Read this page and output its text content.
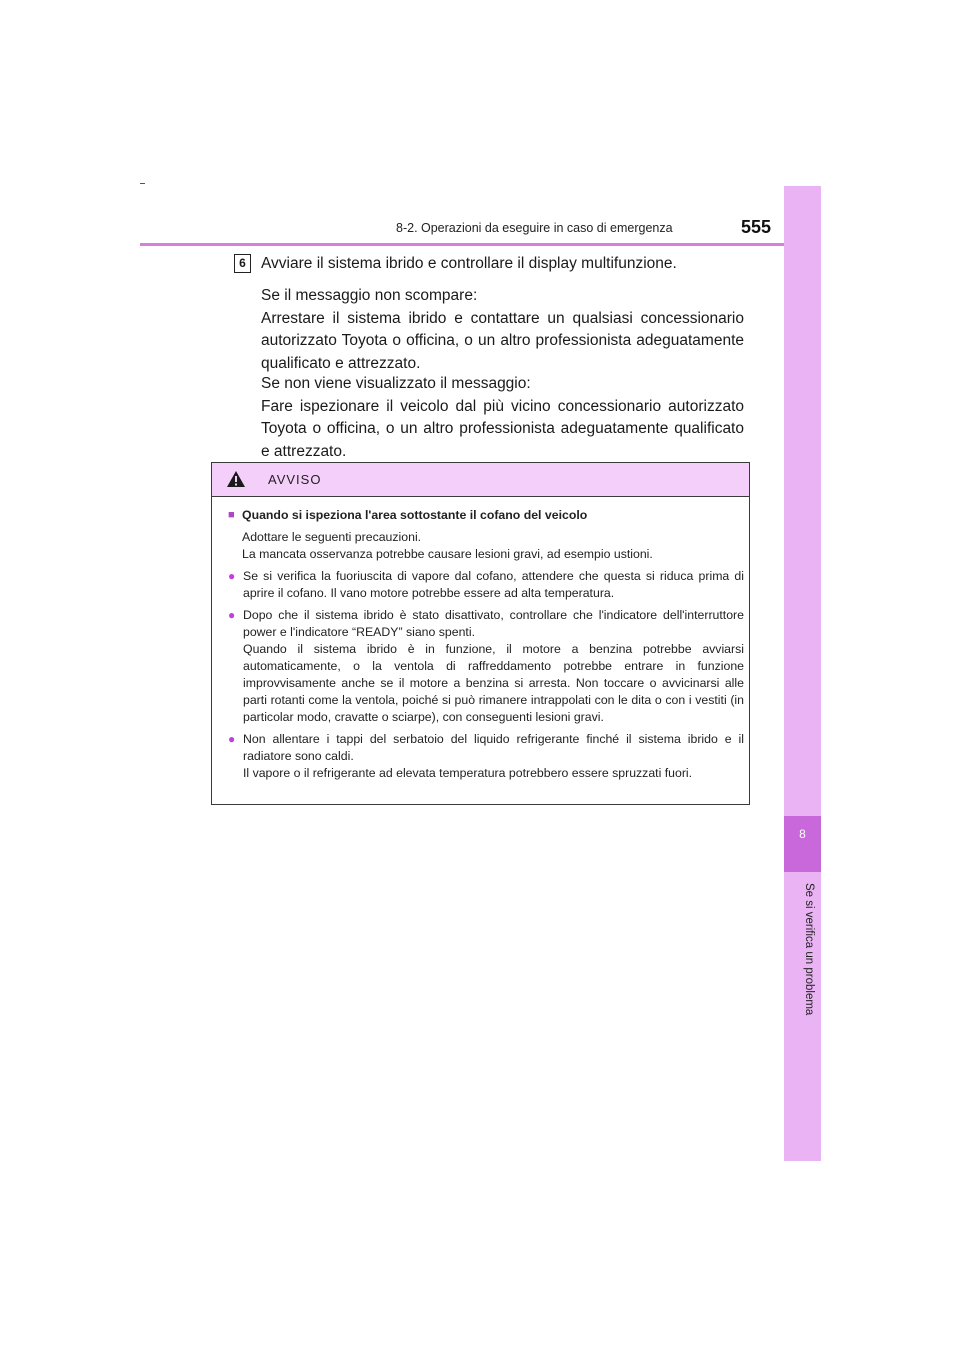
8-2. Operazioni da eseguire in caso di emergenza	555
8
Se si verifica un problema
6 Avviare il sistema ibrido e controllare il display multifunzione.

Se il messaggio non scompare:

Arrestare il sistema ibrido e contattare un qualsiasi concessionario autorizzato Toyota o officina, o un altro professionista adeguatamente qualificato e attrezzato.

Se non viene visualizzato il messaggio:

Fare ispezionare il veicolo dal più vicino concessionario autorizzato Toyota o officina, o un altro professionista adeguatamente qualificato e attrezzato.

AVVISO

■ Quando si ispeziona l'area sottostante il cofano del veicolo

Adottare le seguenti precauzioni.
La mancata osservanza potrebbe causare lesioni gravi, ad esempio ustioni.
● Se si verifica la fuoriuscita di vapore dal cofano, attendere che questa si riduca prima di aprire il cofano. Il vano motore potrebbe essere ad alta temperatura.
● Dopo che il sistema ibrido è stato disattivato, controllare che l'indicatore dell'interruttore power e l'indicatore “READY” siano spenti.
Quando il sistema ibrido è in funzione, il motore a benzina potrebbe avviarsi automaticamente, o la ventola di raffreddamento potrebbe entrare in funzione improvvisamente anche se il motore a benzina si arresta. Non toccare o avvicinarsi alle parti rotanti come la ventola, poiché si può rimanere intrappolati con le dita o con i vestiti (in particolar modo, cravatte o sciarpe), con conseguenti lesioni gravi.
● Non allentare i tappi del serbatoio del liquido refrigerante finché il sistema ibrido e il radiatore sono caldi.
Il vapore o il refrigerante ad elevata temperatura potrebbero essere spruzzati fuori.
